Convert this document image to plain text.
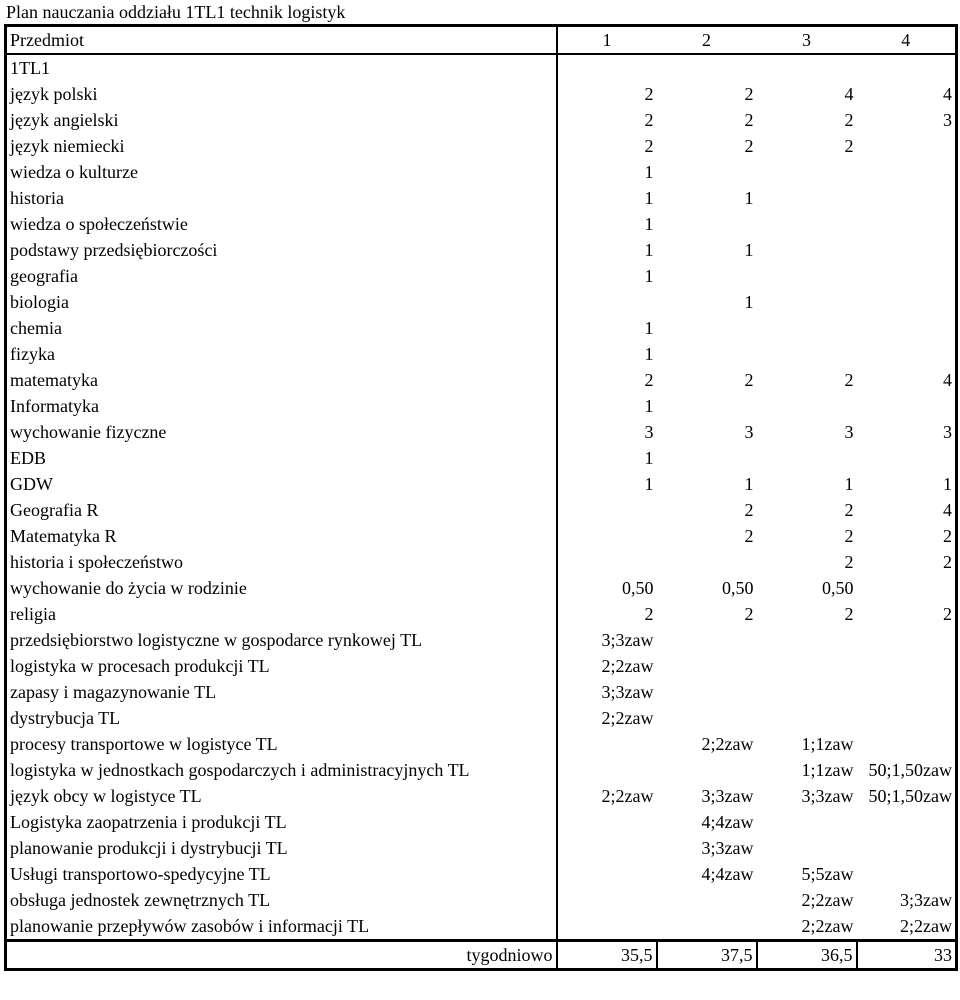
Plan nauczania oddziału 1TL1 technik logistyk
Przedmiot	1	2	3	4
1TL1				
język polski	2	2	4	4
język angielski	2	2	2	3
język niemiecki	2	2	2	
wiedza o kulturze	1			
historia	1	1		
wiedza o społeczeństwie	1			
podstawy przedsiębiorczości	1	1		
geografia	1			
biologia		1		
chemia	1			
fizyka	1			
matematyka	2	2	2	4
Informatyka	1			
wychowanie fizyczne	3	3	3	3
EDB	1			
GDW	1	1	1	1
Geografia R		2	2	4
Matematyka R		2	2	2
historia i społeczeństwo			2	2
wychowanie do życia w rodzinie	0,50	0,50	0,50	
religia	2	2	2	2
przedsiębiorstwo logistyczne w gospodarce rynkowej TL	3;3zaw			
logistyka w procesach produkcji TL	2;2zaw			
zapasy i magazynowanie TL	3;3zaw			
dystrybucja TL	2;2zaw			
procesy transportowe w logistyce TL		2;2zaw	1;1zaw	
logistyka w jednostkach gospodarczych i administracyjnych TL			1;1zaw	50;1,50zaw
język obcy w logistyce TL	2;2zaw	3;3zaw	3;3zaw	50;1,50zaw
Logistyka zaopatrzenia i produkcji TL		4;4zaw		
planowanie produkcji i dystrybucji TL		3;3zaw		
Usługi transportowo-spedycyjne TL		4;4zaw	5;5zaw	
obsługa jednostek zewnętrznych TL			2;2zaw	3;3zaw
planowanie przepływów zasobów i informacji TL			2;2zaw	2;2zaw
tygodniowo	35,5	37,5	36,5	33
